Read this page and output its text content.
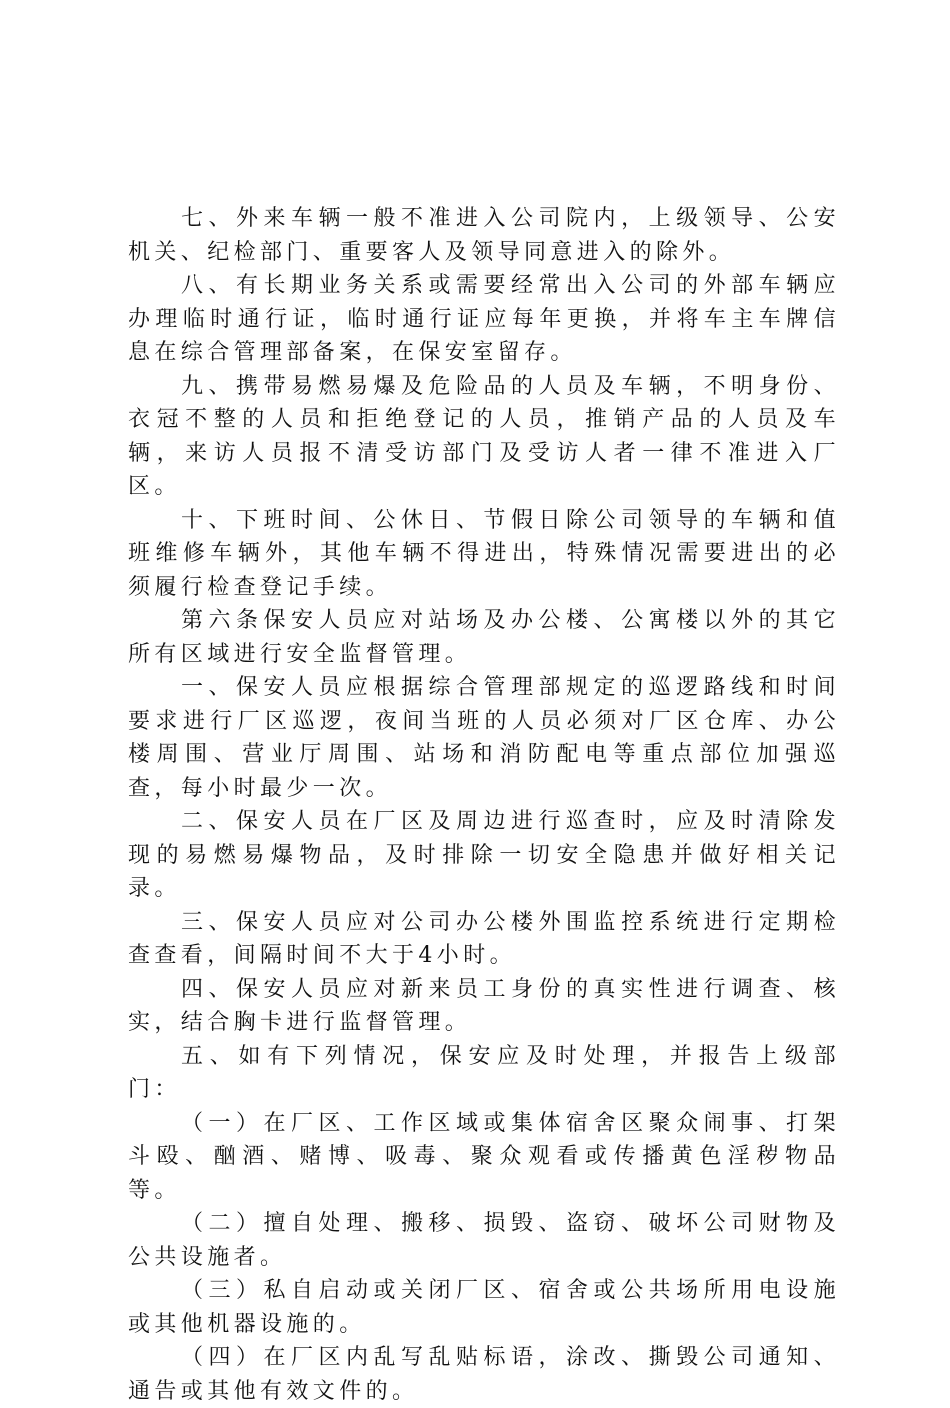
七、外来车辆一般不准进入公司院内，上级领导、公安机关、纪检部门、重要客人及领导同意进入的除外。

八、有长期业务关系或需要经常出入公司的外部车辆应办理临时通行证，临时通行证应每年更换，并将车主车牌信息在综合管理部备案，在保安室留存。

九、携带易燃易爆及危险品的人员及车辆，不明身份、衣冠不整的人员和拒绝登记的人员，推销产品的人员及车辆，来访人员报不清受访部门及受访人者一律不准进入厂区。

十、下班时间、公休日、节假日除公司领导的车辆和值班维修车辆外，其他车辆不得进出，特殊情况需要进出的必须履行检查登记手续。

第六条保安人员应对站场及办公楼、公寓楼以外的其它所有区域进行安全监督管理。

一、保安人员应根据综合管理部规定的巡逻路线和时间要求进行厂区巡逻，夜间当班的人员必须对厂区仓库、办公楼周围、营业厅周围、站场和消防配电等重点部位加强巡查，每小时最少一次。

二、保安人员在厂区及周边进行巡查时，应及时清除发现的易燃易爆物品，及时排除一切安全隐患并做好相关记录。

三、保安人员应对公司办公楼外围监控系统进行定期检查查看，间隔时间不大于4小时。

四、保安人员应对新来员工身份的真实性进行调查、核实，结合胸卡进行监督管理。

五、如有下列情况，保安应及时处理，并报告上级部门：

（一）在厂区、工作区域或集体宿舍区聚众闹事、打架斗殴、酗酒、赌博、吸毒、聚众观看或传播黄色淫秽物品等。

（二）擅自处理、搬移、损毁、盗窃、破坏公司财物及公共设施者。

（三）私自启动或关闭厂区、宿舍或公共场所用电设施或其他机器设施的。

（四）在厂区内乱写乱贴标语，涂改、撕毁公司通知、通告或其他有效文件的。
